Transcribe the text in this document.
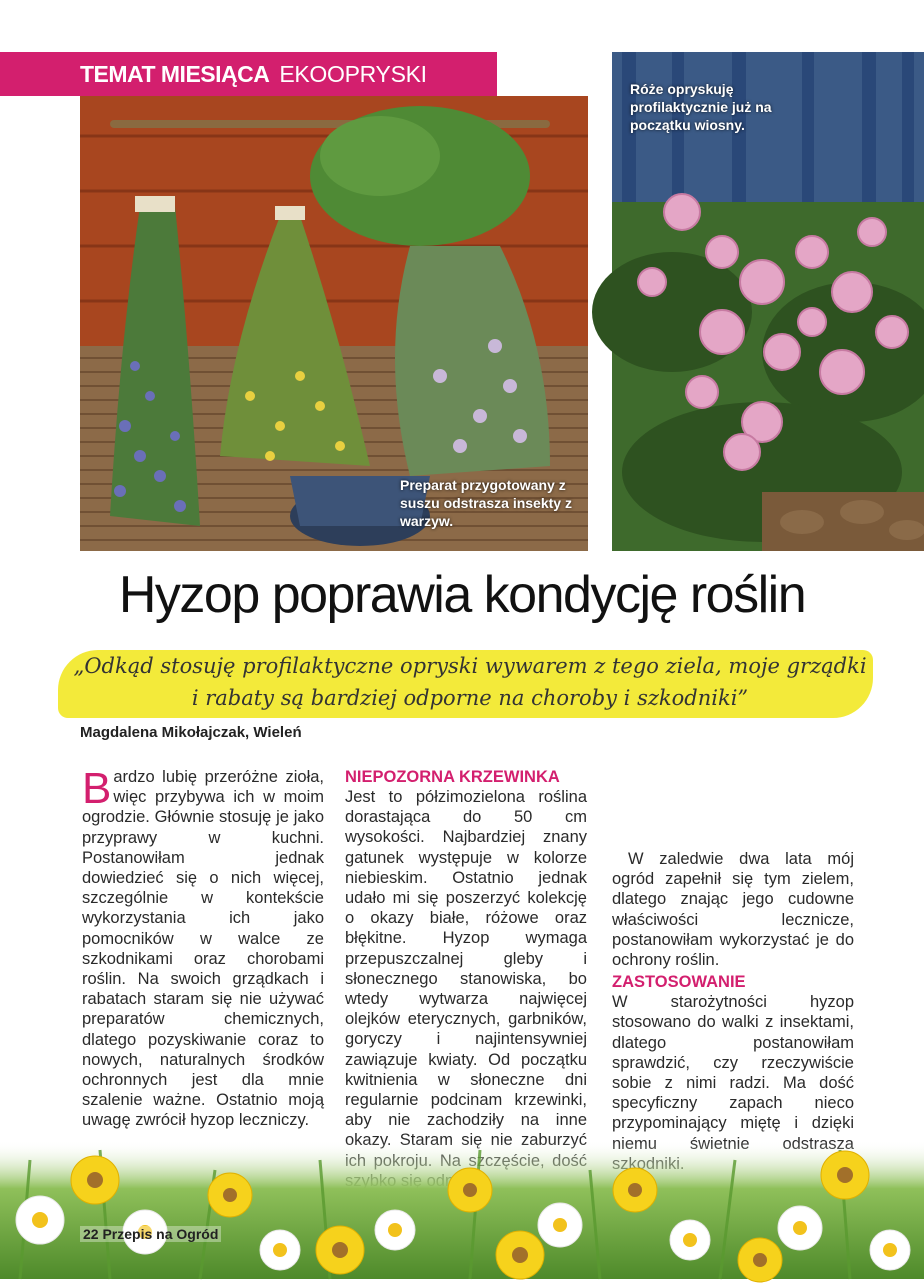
TEMAT MIESIĄCA EKOOPRYSKI
Preparat przygotowany z suszu odstrasza insekty z warzyw.
Róże opryskuję profilaktycznie już na początku wiosny.
Hyzop poprawia kondycję roślin
„Odkąd stosuję profilaktyczne opryski wywarem z tego ziela, moje grządki i rabaty są bardziej odporne na choroby i szkodniki”
Magdalena Mikołajczak, Wieleń

Bardzo lubię przeróżne zioła, więc przybywa ich w moim ogrodzie. Głównie stosuję je jako przyprawy w kuchni. Postanowiłam jednak dowiedzieć się o nich więcej, szczególnie w kontekście wykorzystania ich jako pomocników w walce ze szkodnikami oraz chorobami roślin. Na swoich grządkach i rabatach staram się nie używać preparatów chemicznych, dlatego pozyskiwanie coraz to nowych, naturalnych środków ochronnych jest dla mnie szalenie ważne. Ostatnio moją uwagę zwrócił hyzop leczniczy.

NIEPOZORNA KRZEWINKA

Jest to półzimozielona roślina dorastająca do 50 cm wysokości. Najbardziej znany gatunek występuje w kolorze niebieskim. Ostatnio jednak udało mi się poszerzyć kolekcję o okazy białe, różowe oraz błękitne. Hyzop wymaga przepuszczalnej gleby i słonecznego stanowiska, bo wtedy wytwarza najwięcej olejków eterycznych, garbników, goryczy i najintensywniej zawiązuje kwiaty. Od początku kwitnienia w słoneczne dni regularnie podcinam krzewinki, aby nie zachodziły na inne

W zaledwie dwa lata mój ogród zapełnił się tym zielem, dlatego znając jego cudowne właściwości lecznicze, postanowiłam wykorzystać je do ochrony roślin.

ZASTOSOWANIE

W starożytności hyzop stosowano do walki z insektami, dlatego postanowiłam sprawdzić, czy rzeczywiście sobie z nimi radzi. Ma dość specyficzny zapach nieco przypominający miętę i dzięki

22 Przepis na Ogród
